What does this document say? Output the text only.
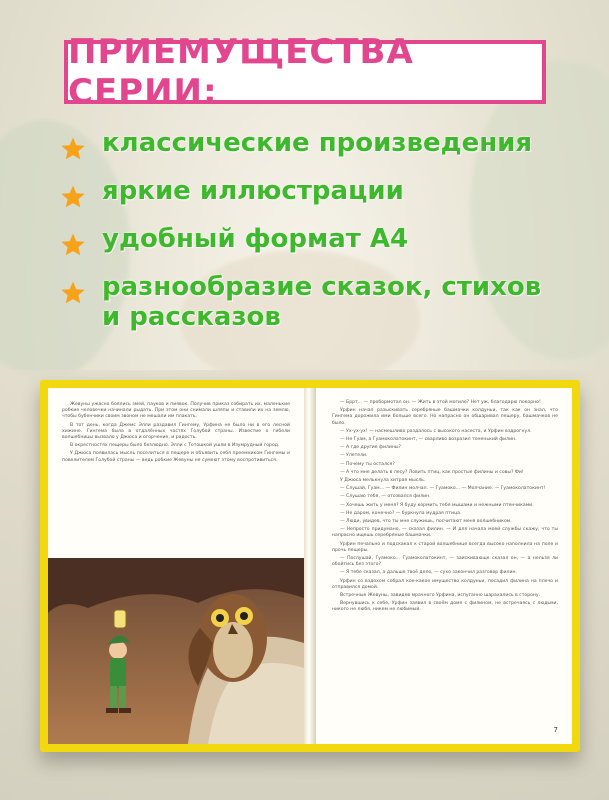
ПРИЕМУЩЕСТВА СЕРИИ:
классические произведения
яркие иллюстрации
удобный формат А4
разнообразие сказок, стихов и рассказов

Жевуны ужасно боялись змей, пауков и пиявок. Получив приказ собирать их, маленькие робкие человечки начинали рыдать. При этом они снимали шляпы и ставили их на землю, чтобы бубенчики своим звоном не мешали им плакать.

В тот день, когда Джемс Элли раздавил Гингему, Урфина не было ни в его лесной хижине. Гингема была в отдалённых частях Голубой страны. Известие о гибели волшебницы вызвало у Джюса и огорчение, и радость.

В окрестностях пещеры было безлюдно. Элли с Тотошкой ушли в Изумрудный город.

У Джюса появилась мысль поселиться в пещере и объявить себя преемником Гингемы и повелителем Голубой страны — ведь робкие Жевуны не сумеют этому воспротивиться.

— Бррт... — пробормотал он. — Жить в этой могиле? Нет уж, благодарю покорно!

Урфин начал разыскивать серебряные башмачки колдуньи, так как он знал, что Гингема дорожила ими больше всего. Но напрасно он обшаривал пещеру, башмачков не было.

— Ух-ух-ух! — насмешливо раздалось с высокого насеста, и Урфин вздрогнул.

— Не Гуам, а Гуамоколатокинт, — сварливо возразил тоненький филин.

— А где другие филины?

— Улетели.

— Почему ты остался?

— А что мне делать в лесу? Ловить птиц, как простые филины и совы? Фи!

У Джюса мелькнула хитрая мысль.

— Слушай, Гуам... — Филин молчал. — Гуамоко... — Молчание. — Гуамоколатокинт!

— Слушаю тебя, — отозвался филин.

— Хочешь жить у меня? Я буду кормить тебя мышами и нежными птенчиками.

— Не даром, конечно? — буркнула мудрая птица.

— Люди, увидев, что ты мне служишь, посчитают меня волшебником.

— Непросто придумано, — сказал филин. — И для начала моей службы скажу, что ты напрасно ищешь серебряные башмачки.

Урфин печально и подскакал к старой волшебнице всегда высоко наполнила на поле и прочь пещеры.

— Послушай, Гуамоко... Гуамоколатокинт, — заискивающе сказал он, — а нельзя ли обойтись без этого?

— Я тебе сказал, а дальше твоё дело, — сухо закончил разговор филин.

Урфин со вздохом собрал кое-какое имущество колдуньи, посадил филина на плечо и отправился домой.

Встречные Жевуны, завидев мрачного Урфина, испуганно шарахались в сторону.

Вернувшись к себе, Урфин заявил в своём доме с филином, не встречаясь с людьми, никого не любя, никем не любимый.

7
